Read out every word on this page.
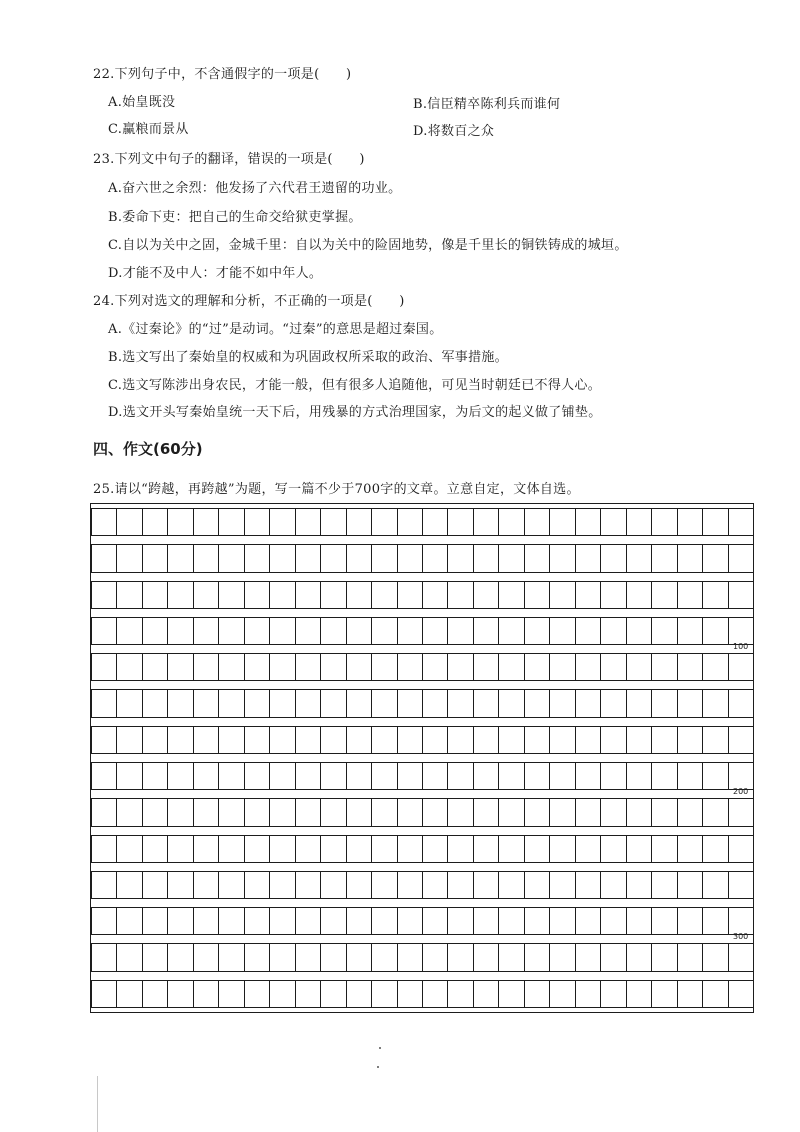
22.下列句子中，不含通假字的一项是(　　)
A.始皇既没	B.信臣精卒陈利兵而谁何
C.赢粮而景从	D.将数百之众
23.下列文中句子的翻译，错误的一项是(　　)
A.奋六世之余烈：他发扬了六代君王遗留的功业。
B.委命下吏：把自己的生命交给狱吏掌握。
C.自以为关中之固，金城千里：自以为关中的险固地势，像是千里长的铜铁铸成的城垣。
D.才能不及中人：才能不如中年人。
24.下列对选文的理解和分析，不正确的一项是(　　)
A.《过秦论》的“过”是动词。“过秦”的意思是超过秦国。
B.选文写出了秦始皇的权威和为巩固政权所采取的政治、军事措施。
C.选文写陈涉出身农民，才能一般，但有很多人追随他，可见当时朝廷已不得人心。
D.选文开头写秦始皇统一天下后，用残暴的方式治理国家，为后文的起义做了铺垫。
四、作文(60分)
25.请以“跨越，再跨越”为题，写一篇不少于700字的文章。立意自定，文体自选。
100
200
300
